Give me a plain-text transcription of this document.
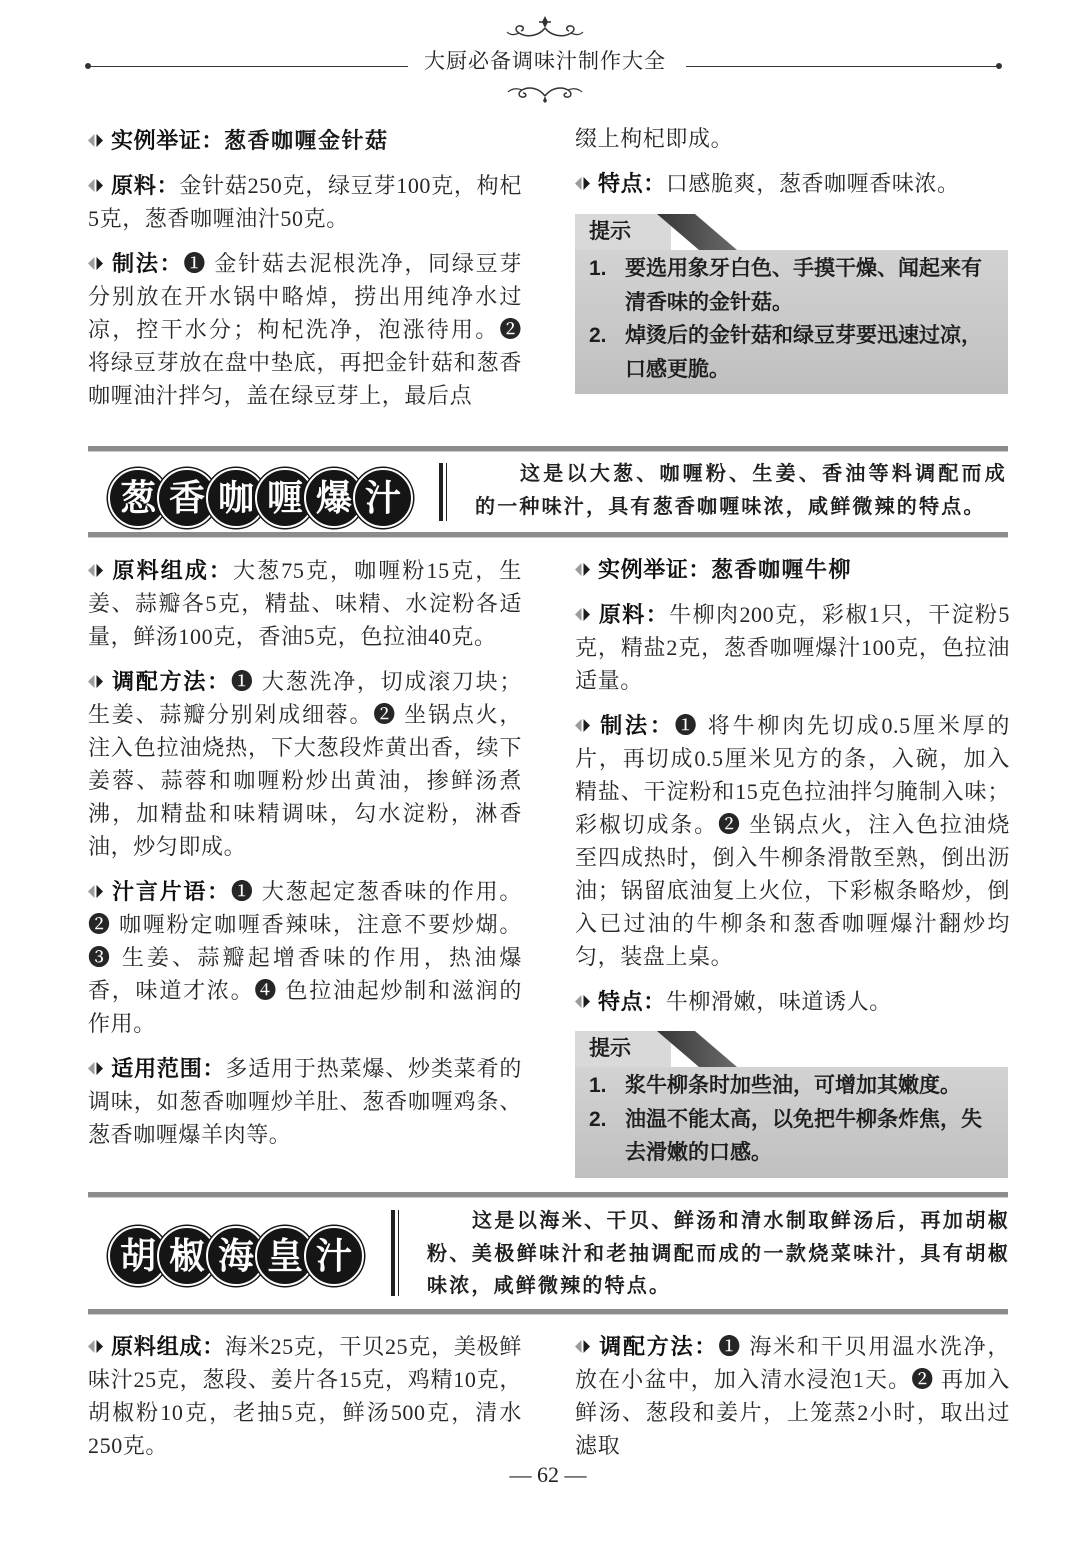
大厨必备调味汁制作大全

实例举证：葱香咖喱金针菇

原料：金针菇250克，绿豆芽100克，枸杞5克，葱香咖喱油汁50克。

制法：❶ 金针菇去泥根洗净，同绿豆芽分别放在开水锅中略焯，捞出用纯净水过凉，控干水分；枸杞洗净，泡涨待用。❷ 将绿豆芽放在盘中垫底，再把金针菇和葱香咖喱油汁拌匀，盖在绿豆芽上，最后点

缀上枸杞即成。

特点：口感脆爽，葱香咖喱香味浓。

提示
1. 要选用象牙白色、手摸干燥、闻起来有清香味的金针菇。
2. 焯烫后的金针菇和绿豆芽要迅速过凉，口感更脆。
葱 香 咖 喱 爆 汁

这是以大葱、咖喱粉、生姜、香油等料调配而成的一种味汁，具有葱香咖喱味浓，咸鲜微辣的特点。

原料组成：大葱75克，咖喱粉15克，生姜、蒜瓣各5克，精盐、味精、水淀粉各适量，鲜汤100克，香油5克，色拉油40克。

调配方法：❶ 大葱洗净，切成滚刀块；生姜、蒜瓣分别剁成细蓉。❷ 坐锅点火，注入色拉油烧热，下大葱段炸黄出香，续下姜蓉、蒜蓉和咖喱粉炒出黄油，掺鲜汤煮沸，加精盐和味精调味，勾水淀粉，淋香油，炒匀即成。

汁言片语：❶ 大葱起定葱香味的作用。❷ 咖喱粉定咖喱香辣味，注意不要炒煳。❸ 生姜、蒜瓣起增香味的作用，热油爆香，味道才浓。❹ 色拉油起炒制和滋润的作用。

适用范围：多适用于热菜爆、炒类菜肴的调味，如葱香咖喱炒羊肚、葱香咖喱鸡条、葱香咖喱爆羊肉等。

实例举证：葱香咖喱牛柳

原料：牛柳肉200克，彩椒1只，干淀粉5克，精盐2克，葱香咖喱爆汁100克，色拉油适量。

制法：❶ 将牛柳肉先切成0.5厘米厚的片，再切成0.5厘米见方的条，入碗，加入精盐、干淀粉和15克色拉油拌匀腌制入味；彩椒切成条。❷ 坐锅点火，注入色拉油烧至四成热时，倒入牛柳条滑散至熟，倒出沥油；锅留底油复上火位，下彩椒条略炒，倒入已过油的牛柳条和葱香咖喱爆汁翻炒均匀，装盘上桌。

特点：牛柳滑嫩，味道诱人。

提示
1. 浆牛柳条时加些油，可增加其嫩度。
2. 油温不能太高，以免把牛柳条炸焦，失去滑嫩的口感。
胡 椒 海 皇 汁

这是以海米、干贝、鲜汤和清水制取鲜汤后，再加胡椒粉、美极鲜味汁和老抽调配而成的一款烧菜味汁，具有胡椒味浓，咸鲜微辣的特点。

原料组成：海米25克，干贝25克，美极鲜味汁25克，葱段、姜片各15克，鸡精10克，胡椒粉10克，老抽5克，鲜汤500克，清水250克。

调配方法：❶ 海米和干贝用温水洗净，放在小盆中，加入清水浸泡1天。❷ 再加入鲜汤、葱段和姜片，上笼蒸2小时，取出过滤取

— 62 —
